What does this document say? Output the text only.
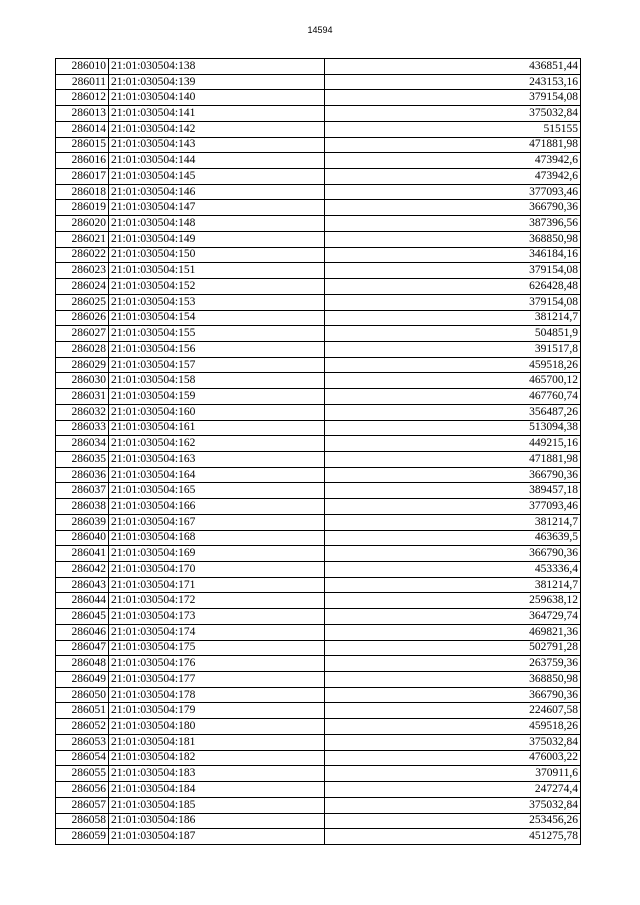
14594
286010	21:01:030504:138	436851,44
286011	21:01:030504:139	243153,16
286012	21:01:030504:140	379154,08
286013	21:01:030504:141	375032,84
286014	21:01:030504:142	515155
286015	21:01:030504:143	471881,98
286016	21:01:030504:144	473942,6
286017	21:01:030504:145	473942,6
286018	21:01:030504:146	377093,46
286019	21:01:030504:147	366790,36
286020	21:01:030504:148	387396,56
286021	21:01:030504:149	368850,98
286022	21:01:030504:150	346184,16
286023	21:01:030504:151	379154,08
286024	21:01:030504:152	626428,48
286025	21:01:030504:153	379154,08
286026	21:01:030504:154	381214,7
286027	21:01:030504:155	504851,9
286028	21:01:030504:156	391517,8
286029	21:01:030504:157	459518,26
286030	21:01:030504:158	465700,12
286031	21:01:030504:159	467760,74
286032	21:01:030504:160	356487,26
286033	21:01:030504:161	513094,38
286034	21:01:030504:162	449215,16
286035	21:01:030504:163	471881,98
286036	21:01:030504:164	366790,36
286037	21:01:030504:165	389457,18
286038	21:01:030504:166	377093,46
286039	21:01:030504:167	381214,7
286040	21:01:030504:168	463639,5
286041	21:01:030504:169	366790,36
286042	21:01:030504:170	453336,4
286043	21:01:030504:171	381214,7
286044	21:01:030504:172	259638,12
286045	21:01:030504:173	364729,74
286046	21:01:030504:174	469821,36
286047	21:01:030504:175	502791,28
286048	21:01:030504:176	263759,36
286049	21:01:030504:177	368850,98
286050	21:01:030504:178	366790,36
286051	21:01:030504:179	224607,58
286052	21:01:030504:180	459518,26
286053	21:01:030504:181	375032,84
286054	21:01:030504:182	476003,22
286055	21:01:030504:183	370911,6
286056	21:01:030504:184	247274,4
286057	21:01:030504:185	375032,84
286058	21:01:030504:186	253456,26
286059	21:01:030504:187	451275,78
